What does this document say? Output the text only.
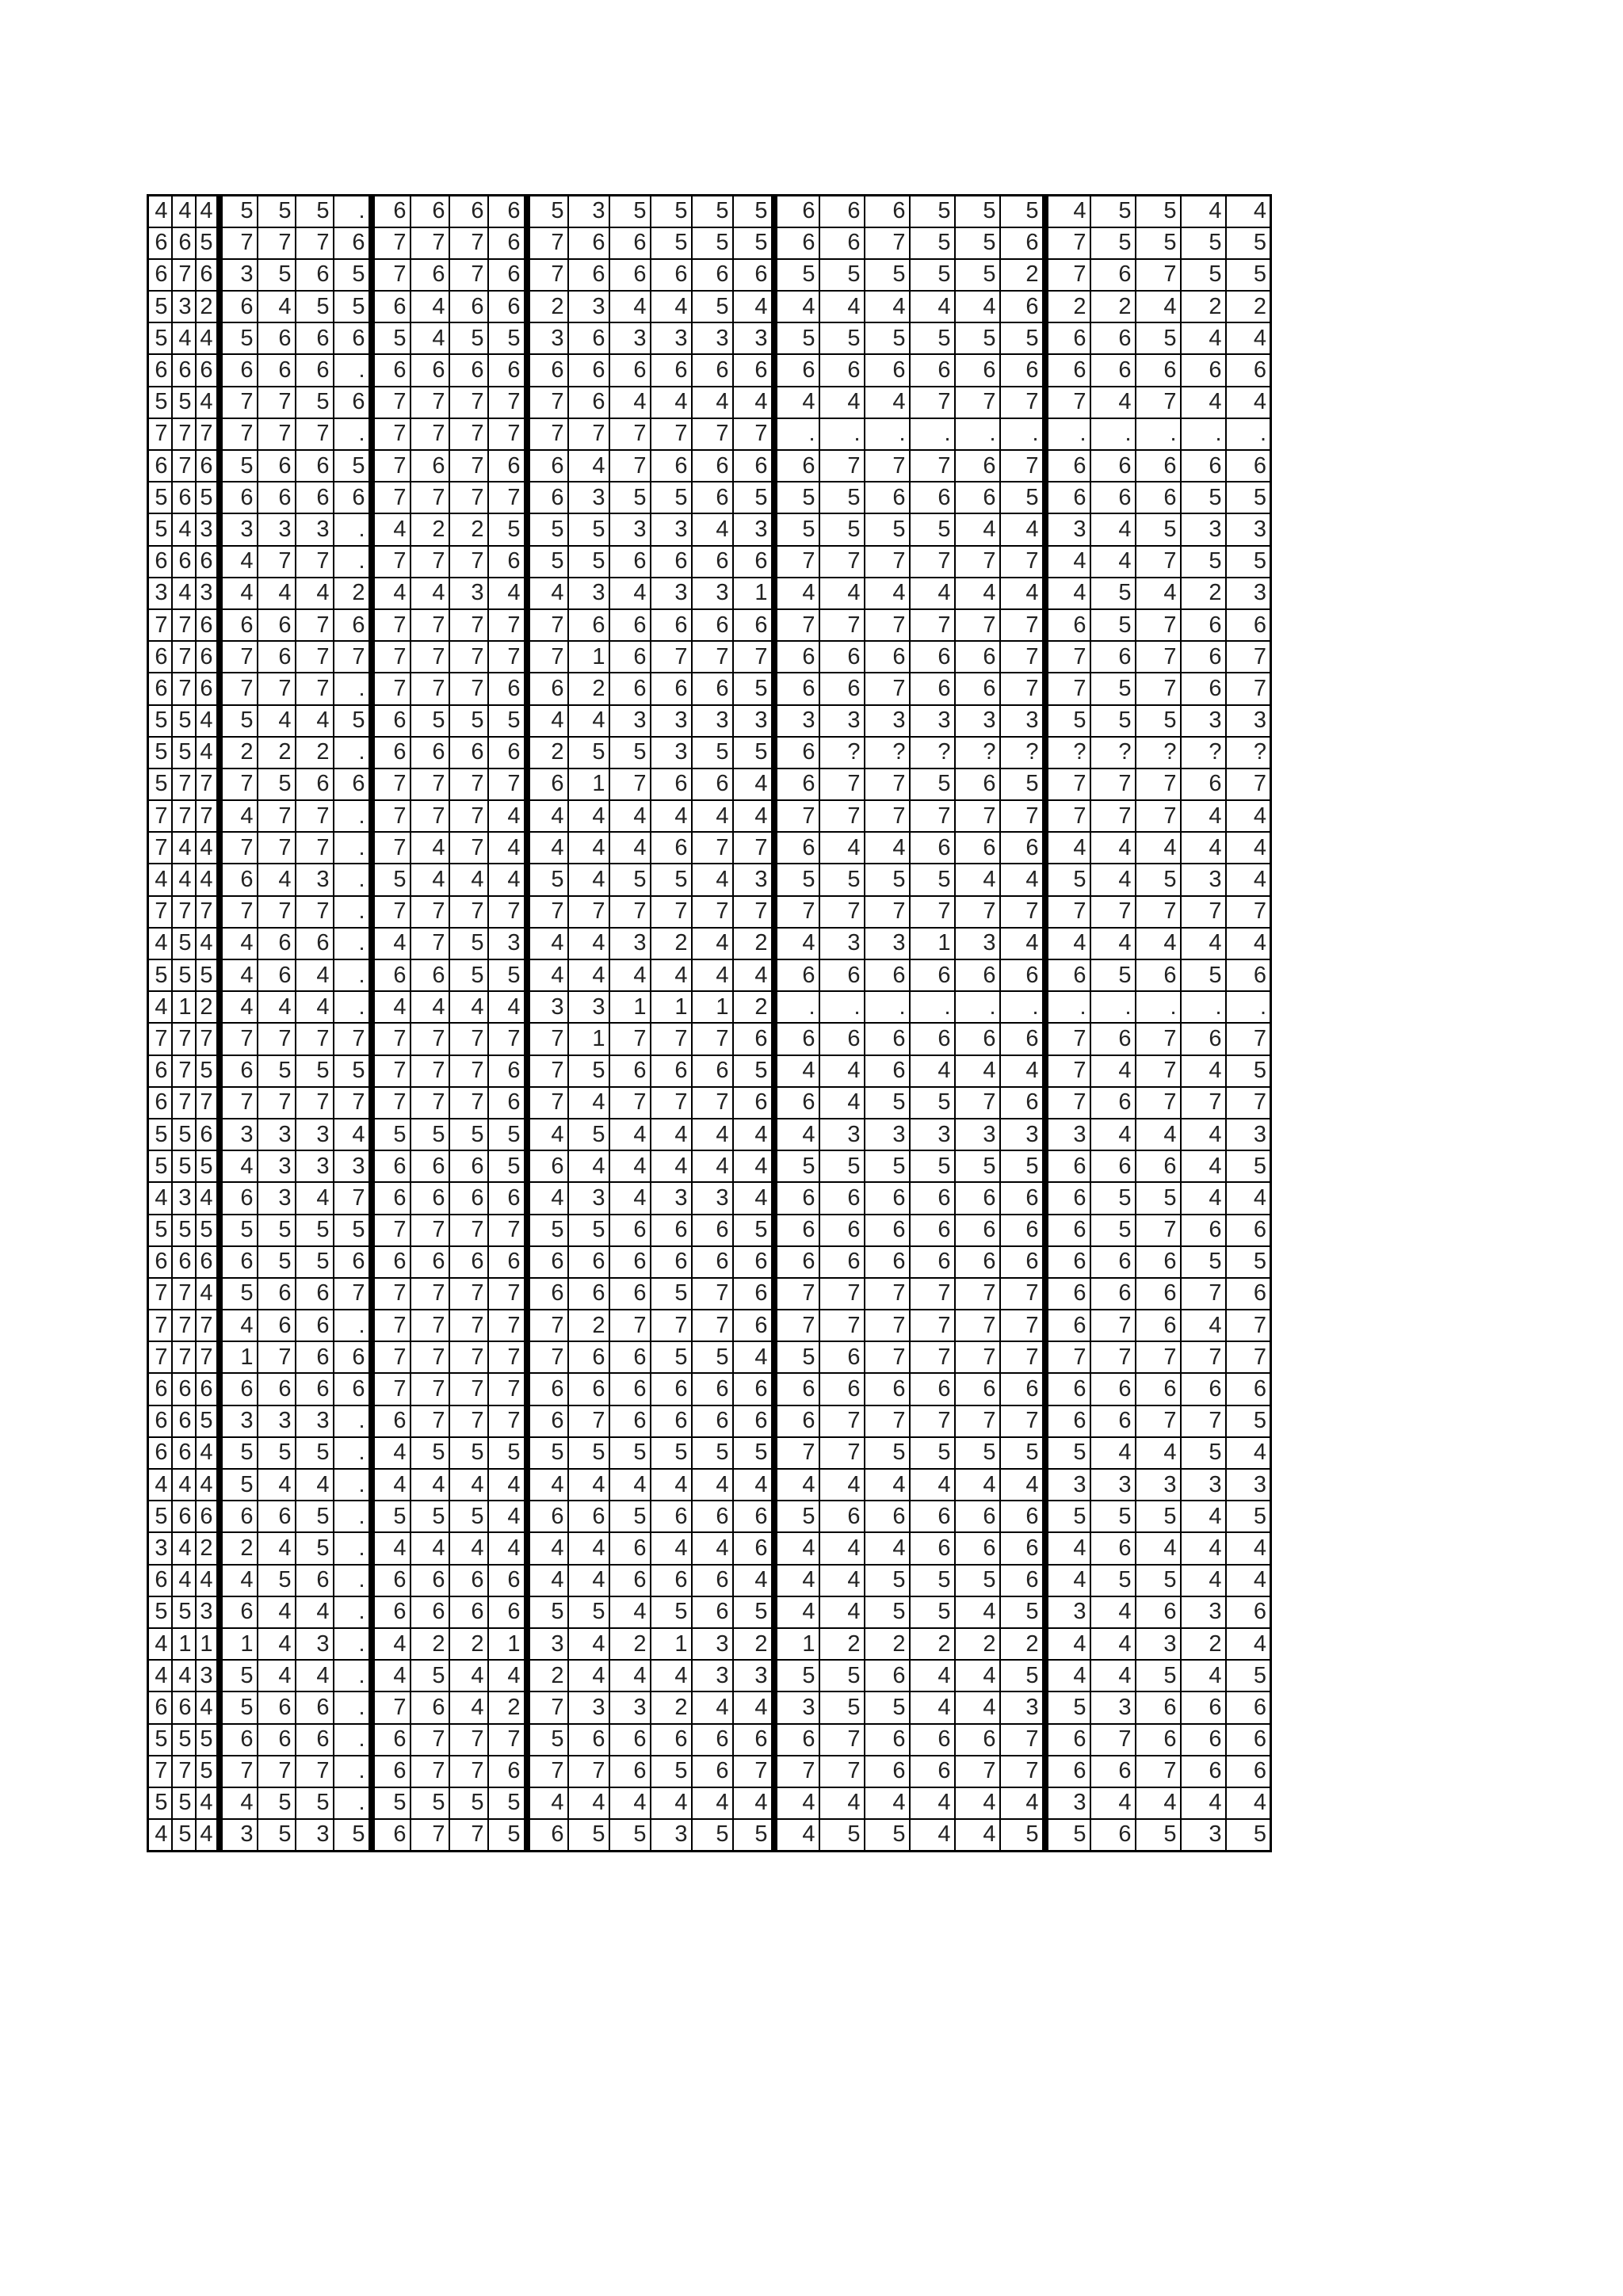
4	4	4	5	5	5	.	6	6	6	6	5	3	5	5	5	5	6	6	6	5	5	5	4	5	5	4	4
6	6	5	7	7	7	6	7	7	7	6	7	6	6	5	5	5	6	6	7	5	5	6	7	5	5	5	5
6	7	6	3	5	6	5	7	6	7	6	7	6	6	6	6	6	5	5	5	5	5	2	7	6	7	5	5
5	3	2	6	4	5	5	6	4	6	6	2	3	4	4	5	4	4	4	4	4	4	6	2	2	4	2	2
5	4	4	5	6	6	6	5	4	5	5	3	6	3	3	3	3	5	5	5	5	5	5	6	6	5	4	4
6	6	6	6	6	6	.	6	6	6	6	6	6	6	6	6	6	6	6	6	6	6	6	6	6	6	6	6
5	5	4	7	7	5	6	7	7	7	7	7	6	4	4	4	4	4	4	4	7	7	7	7	4	7	4	4
7	7	7	7	7	7	.	7	7	7	7	7	7	7	7	7	7	.	.	.	.	.	.	.	.	.	.	.
6	7	6	5	6	6	5	7	6	7	6	6	4	7	6	6	6	6	7	7	7	6	7	6	6	6	6	6
5	6	5	6	6	6	6	7	7	7	7	6	3	5	5	6	5	5	5	6	6	6	5	6	6	6	5	5
5	4	3	3	3	3	.	4	2	2	5	5	5	3	3	4	3	5	5	5	5	4	4	3	4	5	3	3
6	6	6	4	7	7	.	7	7	7	6	5	5	6	6	6	6	7	7	7	7	7	7	4	4	7	5	5
3	4	3	4	4	4	2	4	4	3	4	4	3	4	3	3	1	4	4	4	4	4	4	4	5	4	2	3
7	7	6	6	6	7	6	7	7	7	7	7	6	6	6	6	6	7	7	7	7	7	7	6	5	7	6	6
6	7	6	7	6	7	7	7	7	7	7	7	1	6	7	7	7	6	6	6	6	6	7	7	6	7	6	7
6	7	6	7	7	7	.	7	7	7	6	6	2	6	6	6	5	6	6	7	6	6	7	7	5	7	6	7
5	5	4	5	4	4	5	6	5	5	5	4	4	3	3	3	3	3	3	3	3	3	3	5	5	5	3	3
5	5	4	2	2	2	.	6	6	6	6	2	5	5	3	5	5	6	?	?	?	?	?	?	?	?	?	?
5	7	7	7	5	6	6	7	7	7	7	6	1	7	6	6	4	6	7	7	5	6	5	7	7	7	6	7
7	7	7	4	7	7	.	7	7	7	4	4	4	4	4	4	4	7	7	7	7	7	7	7	7	7	4	4
7	4	4	7	7	7	.	7	4	7	4	4	4	4	6	7	7	6	4	4	6	6	6	4	4	4	4	4
4	4	4	6	4	3	.	5	4	4	4	5	4	5	5	4	3	5	5	5	5	4	4	5	4	5	3	4
7	7	7	7	7	7	.	7	7	7	7	7	7	7	7	7	7	7	7	7	7	7	7	7	7	7	7	7
4	5	4	4	6	6	.	4	7	5	3	4	4	3	2	4	2	4	3	3	1	3	4	4	4	4	4	4
5	5	5	4	6	4	.	6	6	5	5	4	4	4	4	4	4	6	6	6	6	6	6	6	5	6	5	6
4	1	2	4	4	4	.	4	4	4	4	3	3	1	1	1	2	.	.	.	.	.	.	.	.	.	.	.
7	7	7	7	7	7	7	7	7	7	7	7	1	7	7	7	6	6	6	6	6	6	6	7	6	7	6	7
6	7	5	6	5	5	5	7	7	7	6	7	5	6	6	6	5	4	4	6	4	4	4	7	4	7	4	5
6	7	7	7	7	7	7	7	7	7	6	7	4	7	7	7	6	6	4	5	5	7	6	7	6	7	7	7
5	5	6	3	3	3	4	5	5	5	5	4	5	4	4	4	4	4	3	3	3	3	3	3	4	4	4	3
5	5	5	4	3	3	3	6	6	6	5	6	4	4	4	4	4	5	5	5	5	5	5	6	6	6	4	5
4	3	4	6	3	4	7	6	6	6	6	4	3	4	3	3	4	6	6	6	6	6	6	6	5	5	4	4
5	5	5	5	5	5	5	7	7	7	7	5	5	6	6	6	5	6	6	6	6	6	6	6	5	7	6	6
6	6	6	6	5	5	6	6	6	6	6	6	6	6	6	6	6	6	6	6	6	6	6	6	6	6	5	5
7	7	4	5	6	6	7	7	7	7	7	6	6	6	5	7	6	7	7	7	7	7	7	6	6	6	7	6
7	7	7	4	6	6	.	7	7	7	7	7	2	7	7	7	6	7	7	7	7	7	7	6	7	6	4	7
7	7	7	1	7	6	6	7	7	7	7	7	6	6	5	5	4	5	6	7	7	7	7	7	7	7	7	7
6	6	6	6	6	6	6	7	7	7	7	6	6	6	6	6	6	6	6	6	6	6	6	6	6	6	6	6
6	6	5	3	3	3	.	6	7	7	7	6	7	6	6	6	6	6	7	7	7	7	7	6	6	7	7	5
6	6	4	5	5	5	.	4	5	5	5	5	5	5	5	5	5	7	7	5	5	5	5	5	4	4	5	4
4	4	4	5	4	4	.	4	4	4	4	4	4	4	4	4	4	4	4	4	4	4	4	3	3	3	3	3
5	6	6	6	6	5	.	5	5	5	4	6	6	5	6	6	6	5	6	6	6	6	6	5	5	5	4	5
3	4	2	2	4	5	.	4	4	4	4	4	4	6	4	4	6	4	4	4	6	6	6	4	6	4	4	4
6	4	4	4	5	6	.	6	6	6	6	4	4	6	6	6	4	4	4	5	5	5	6	4	5	5	4	4
5	5	3	6	4	4	.	6	6	6	6	5	5	4	5	6	5	4	4	5	5	4	5	3	4	6	3	6
4	1	1	1	4	3	.	4	2	2	1	3	4	2	1	3	2	1	2	2	2	2	2	4	4	3	2	4
4	4	3	5	4	4	.	4	5	4	4	2	4	4	4	3	3	5	5	6	4	4	5	4	4	5	4	5
6	6	4	5	6	6	.	7	6	4	2	7	3	3	2	4	4	3	5	5	4	4	3	5	3	6	6	6
5	5	5	6	6	6	.	6	7	7	7	5	6	6	6	6	6	6	7	6	6	6	7	6	7	6	6	6
7	7	5	7	7	7	.	6	7	7	6	7	7	6	5	6	7	7	7	6	6	7	7	6	6	7	6	6
5	5	4	4	5	5	.	5	5	5	5	4	4	4	4	4	4	4	4	4	4	4	4	3	4	4	4	4
4	5	4	3	5	3	5	6	7	7	5	6	5	5	3	5	5	4	5	5	4	4	5	5	6	5	3	5
